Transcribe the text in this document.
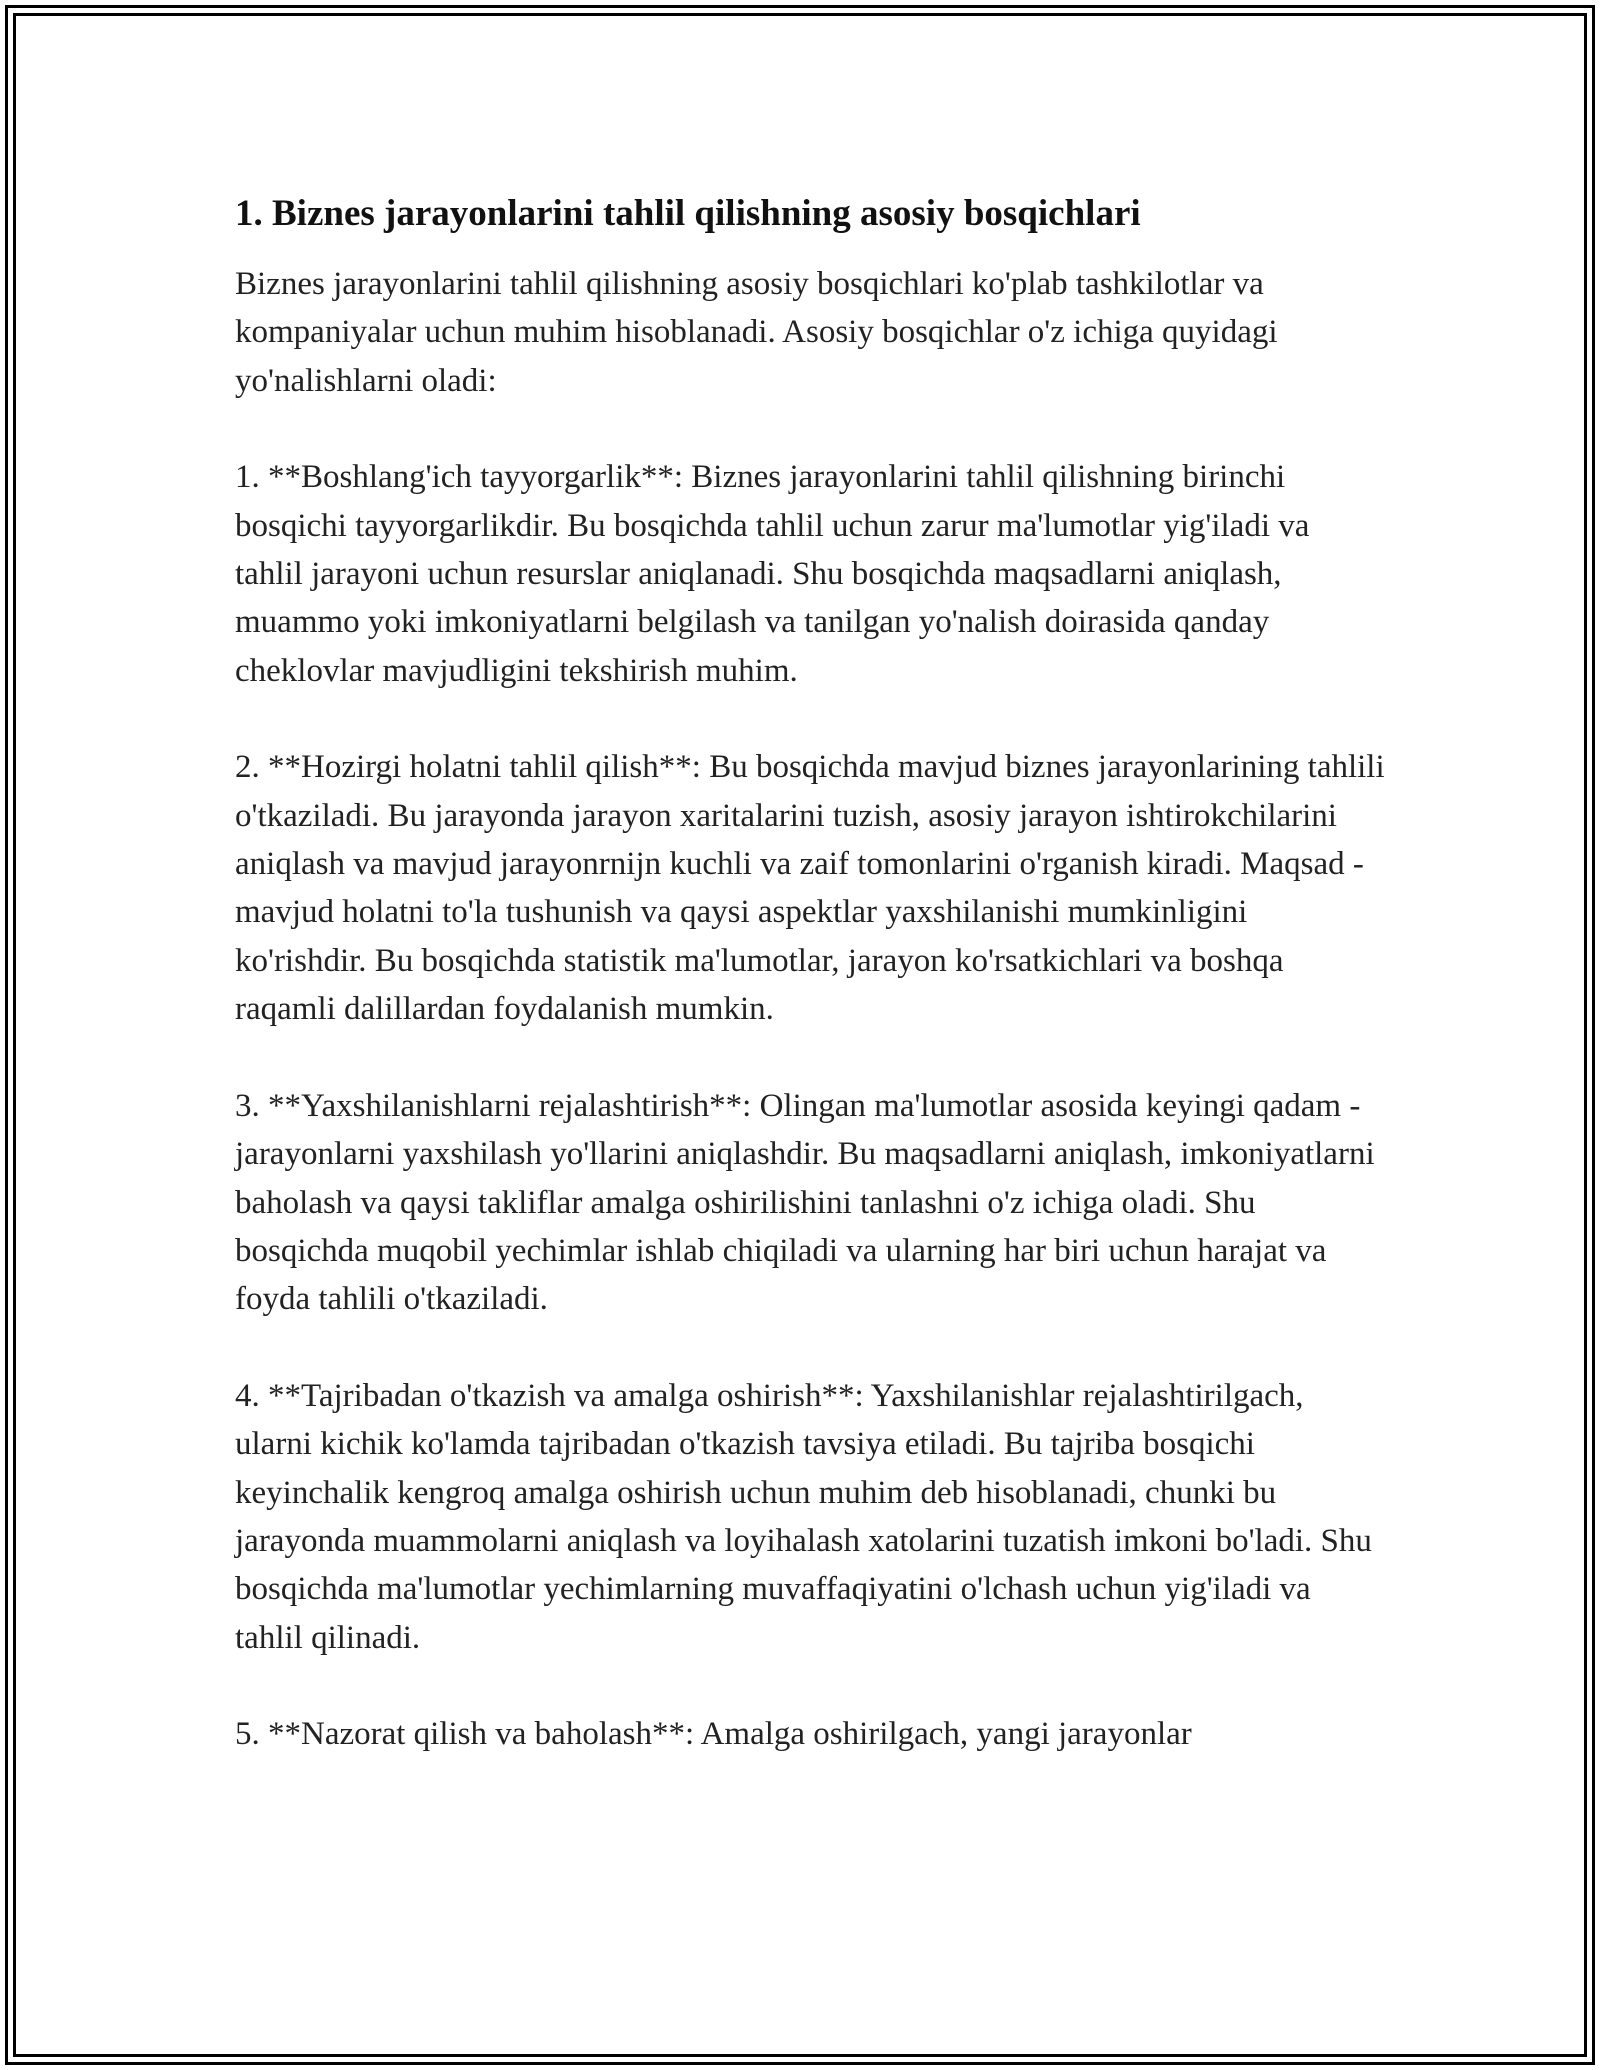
1. Biznes jarayonlarini tahlil qilishning asosiy bosqichlari

Biznes jarayonlarini tahlil qilishning asosiy bosqichlari ko'plab tashkilotlar va kompaniyalar uchun muhim hisoblanadi. Asosiy bosqichlar o'z ichiga quyidagi yo'nalishlarni oladi:

1. **Boshlang'ich tayyorgarlik**: Biznes jarayonlarini tahlil qilishning birinchi bosqichi tayyorgarlikdir. Bu bosqichda tahlil uchun zarur ma'lumotlar yig'iladi va tahlil jarayoni uchun resurslar aniqlanadi. Shu bosqichda maqsadlarni aniqlash, muammo yoki imkoniyatlarni belgilash va tanilgan yo'nalish doirasida qanday cheklovlar mavjudligini tekshirish muhim.

2. **Hozirgi holatni tahlil qilish**: Bu bosqichda mavjud biznes jarayonlarining tahlili o'tkaziladi. Bu jarayonda jarayon xaritalarini tuzish, asosiy jarayon ishtirokchilarini aniqlash va mavjud jarayonrnijn kuchli va zaif tomonlarini o'rganish kiradi. Maqsad - mavjud holatni to'la tushunish va qaysi aspektlar yaxshilanishi mumkinligini ko'rishdir. Bu bosqichda statistik ma'lumotlar, jarayon ko'rsatkichlari va boshqa raqamli dalillardan foydalanish mumkin.

3. **Yaxshilanishlarni rejalashtirish**: Olingan ma'lumotlar asosida keyingi qadam - jarayonlarni yaxshilash yo'llarini aniqlashdir. Bu maqsadlarni aniqlash, imkoniyatlarni baholash va qaysi takliflar amalga oshirilishini tanlashni o'z ichiga oladi. Shu bosqichda muqobil yechimlar ishlab chiqiladi va ularning har biri uchun harajat va foyda tahlili o'tkaziladi.

4. **Tajribadan o'tkazish va amalga oshirish**: Yaxshilanishlar rejalashtirilgach, ularni kichik ko'lamda tajribadan o'tkazish tavsiya etiladi. Bu tajriba bosqichi keyinchalik kengroq amalga oshirish uchun muhim deb hisoblanadi, chunki bu jarayonda muammolarni aniqlash va loyihalash xatolarini tuzatish imkoni bo'ladi. Shu bosqichda ma'lumotlar yechimlarning muvaffaqiyatini o'lchash uchun yig'iladi va tahlil qilinadi.

5. **Nazorat qilish va baholash**: Amalga oshirilgach, yangi jarayonlar
